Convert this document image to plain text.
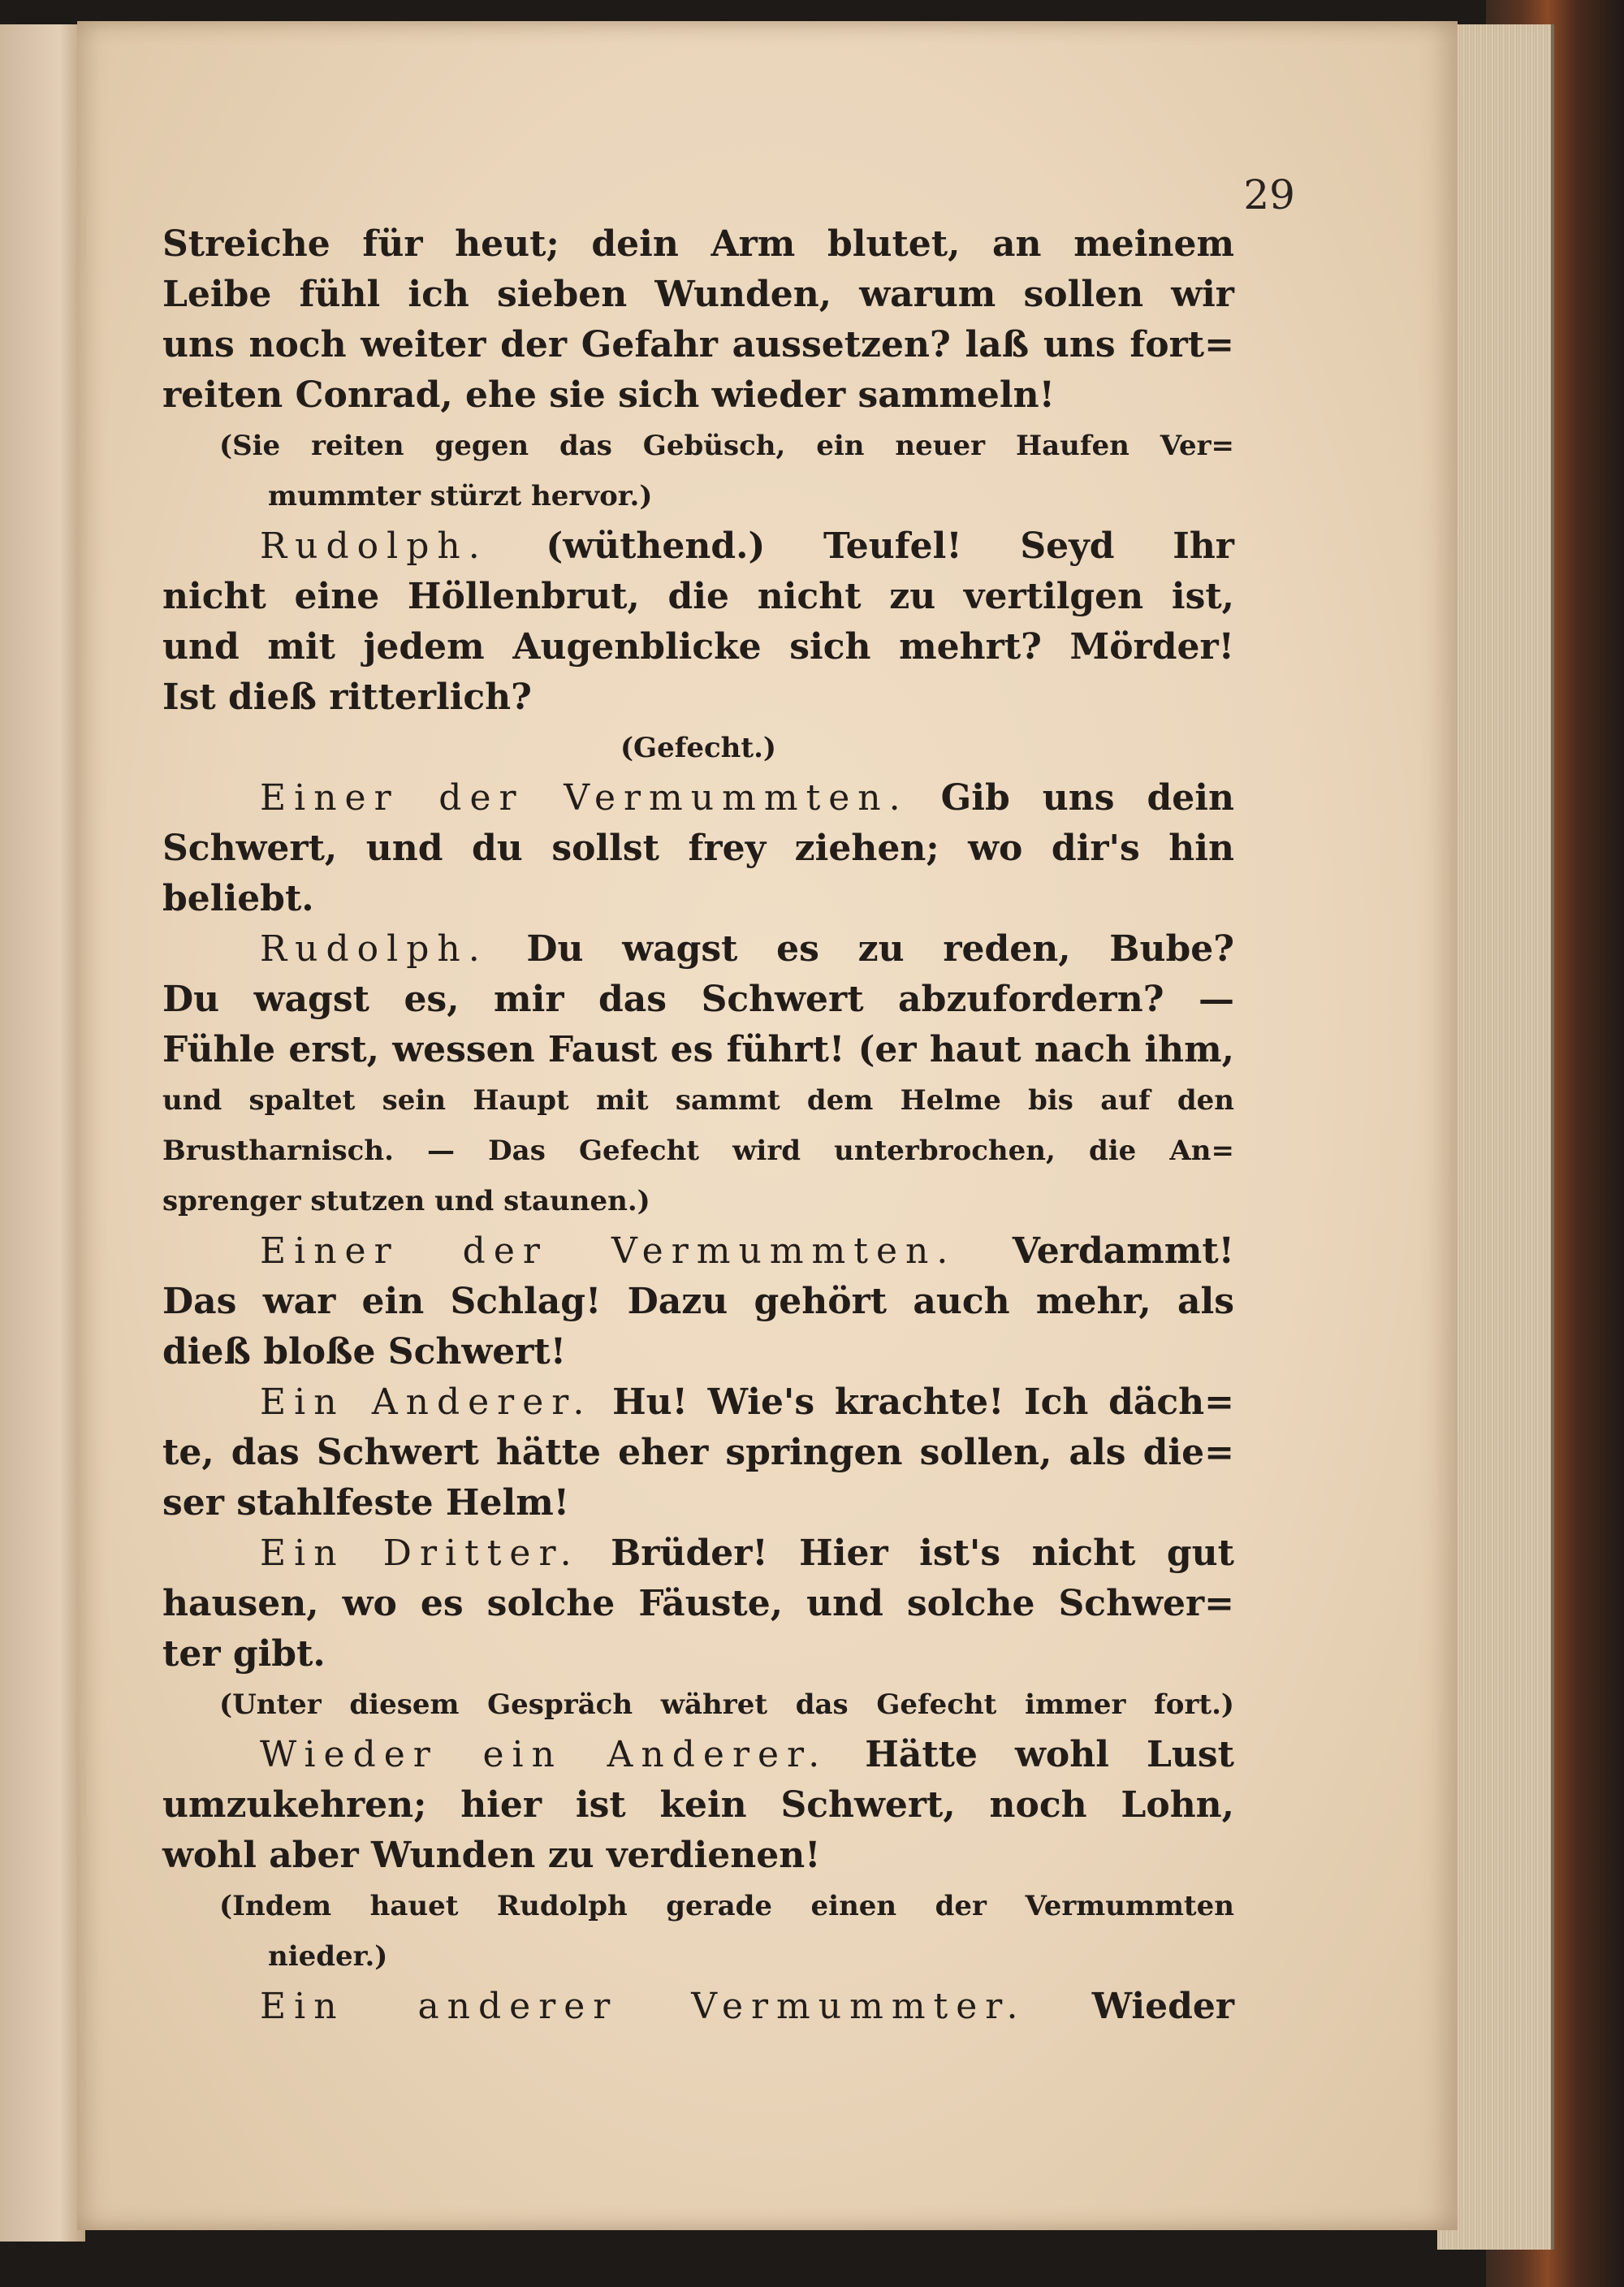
29
Streiche für heut; dein Arm blutet, an meinem
Leibe fühl ich sieben Wunden, warum sollen wir
uns noch weiter der Gefahr aussetzen? laß uns fort=
reiten Conrad, ehe sie sich wieder sammeln!
(Sie reiten gegen das Gebüsch, ein neuer Haufen Ver=
mummter stürzt hervor.)
Rudolph. (wüthend.) Teufel! Seyd Ihr
nicht eine Höllenbrut, die nicht zu vertilgen ist,
und mit jedem Augenblicke sich mehrt? Mörder!
Ist dieß ritterlich?
(Gefecht.)
Einer der Vermummten. Gib uns dein
Schwert, und du sollst frey ziehen; wo dir's hin
beliebt.
Rudolph. Du wagst es zu reden, Bube?
Du wagst es, mir das Schwert abzufordern? —
Fühle erst, wessen Faust es führt! (er haut nach ihm,
und spaltet sein Haupt mit sammt dem Helme bis auf den
Brustharnisch. — Das Gefecht wird unterbrochen, die An=
sprenger stutzen und staunen.)
Einer der Vermummten. Verdammt!
Das war ein Schlag! Dazu gehört auch mehr, als
dieß bloße Schwert!
Ein Anderer. Hu! Wie's krachte! Ich däch=
te, das Schwert hätte eher springen sollen, als die=
ser stahlfeste Helm!
Ein Dritter. Brüder! Hier ist's nicht gut
hausen, wo es solche Fäuste, und solche Schwer=
ter gibt.
(Unter diesem Gespräch währet das Gefecht immer fort.)
Wieder ein Anderer. Hätte wohl Lust
umzukehren; hier ist kein Schwert, noch Lohn,
wohl aber Wunden zu verdienen!
(Indem hauet Rudolph gerade einen der Vermummten
nieder.)
Ein anderer Vermummter. Wieder
